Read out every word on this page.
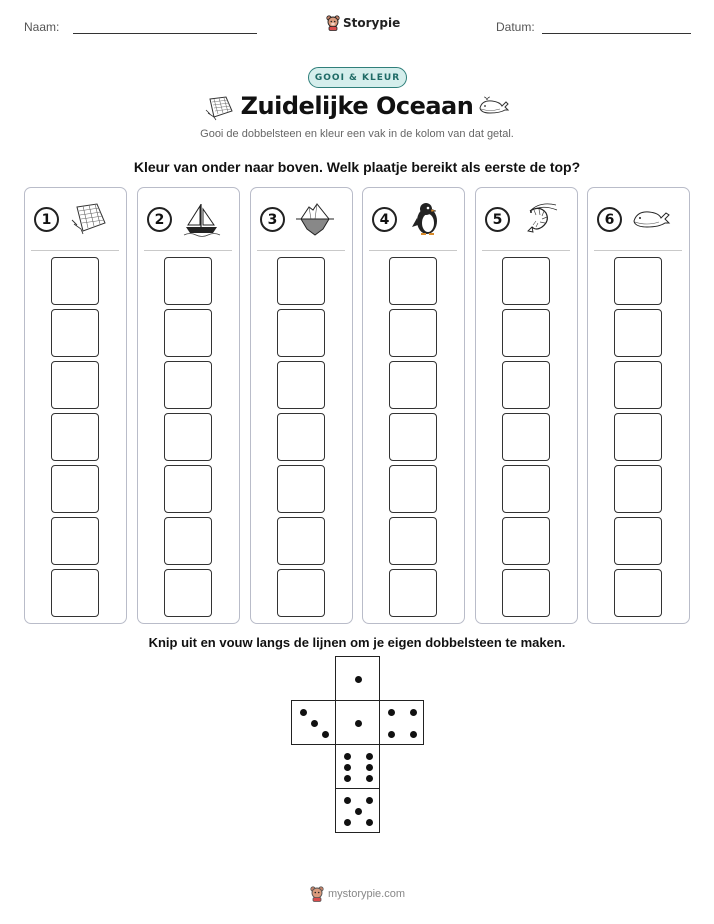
Naam:	Storypie	Datum:
GOOI & KLEUR
Zuidelijke Oceaan
Gooi de dobbelsteen en kleur een vak in de kolom van dat getal.
Kleur van onder naar boven. Welk plaatje bereikt als eerste de top?
1	2	3	4	5	6
Knip uit en vouw langs de lijnen om je eigen dobbelsteen te maken.
mystorypie.com
